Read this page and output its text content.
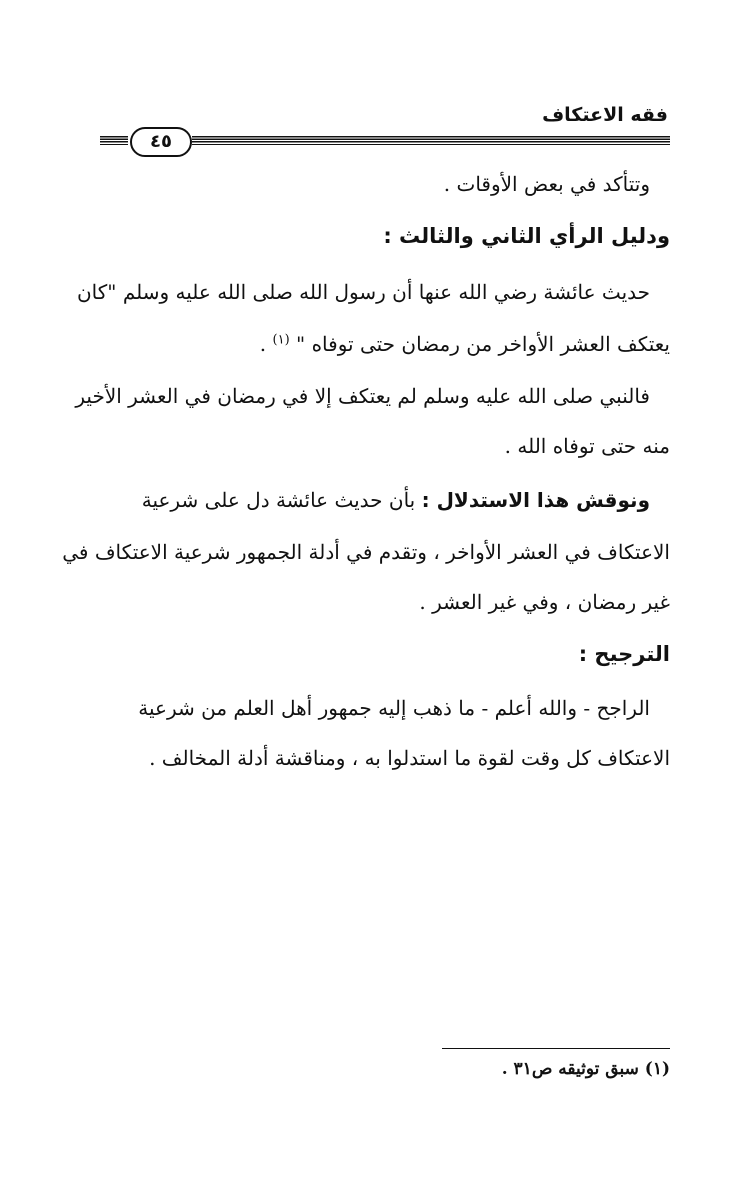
فقه الاعتكاف
٤٥
وتتأكد في بعض الأوقات .
ودليل الرأي الثاني والثالث :
حديث عائشة رضي الله عنها أن رسول الله صلى الله عليه وسلم "كان
يعتكف العشر الأواخر من رمضان حتى توفاه " $^{(١)}$ .
فالنبي صلى الله عليه وسلم لم يعتكف إلا في رمضان في العشر الأخير
منه حتى توفاه الله .
ونوقش هذا الاستدلال : بأن حديث عائشة دل على شرعية
الاعتكاف في العشر الأواخر ، وتقدم في أدلة الجمهور شرعية الاعتكاف في
غير رمضان ، وفي غير العشر .
الترجيح :
الراجح - والله أعلم - ما ذهب إليه جمهور أهل العلم من شرعية
الاعتكاف كل وقت لقوة ما استدلوا به ، ومناقشة أدلة المخالف .
(١) سبق توثيقه ص٣١ .
